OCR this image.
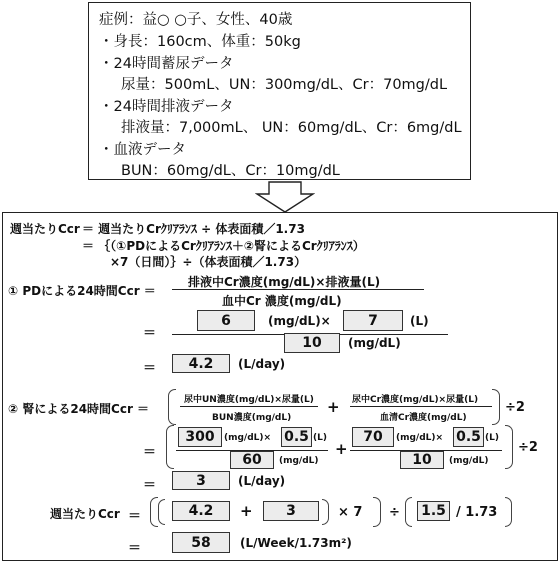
症例：益○ ○子、女性、40歳
・身長：160cm、体重：50kg
・24時間蓄尿データ
尿量：500mL、UN：300mg/dL、Cr：70mg/dL
・24時間排液データ
排液量：7,000mL、 UN：60mg/dL、Cr：6mg/dL
・血液データ
BUN：60mg/dL、Cr：10mg/dL
週当たりCcr ＝ 週当たりCrｸﾘｱﾗﾝｽ ÷ 体表面積／1.73
＝ ｛（①PDによるCrｸﾘｱﾗﾝｽ＋②腎によるCrｸﾘｱﾗﾝｽ）
×7（日間）｝÷（体表面積／1.73）
① PDによる24時間Ccr ＝
排液中Cr濃度(mg/dL)×排液量(L)
血中Cr 濃度(mg/dL)
＝
6	(mg/dL)×	7	(L)
10	(mg/dL)
＝	4.2	(L/day)
② 腎による24時間Ccr ＝
尿中UN濃度(mg/dL)×尿量(L)
BUN濃度(mg/dL)
+ 尿中Cr濃度(mg/dL)×尿量(L)
血清Cr濃度(mg/dL)
÷2
＝
300	(mg/dL)× 0.5 (L)
60	(mg/dL)
+
70	(mg/dL)× 0.5 (L)
10	(mg/dL)
÷2
＝	3	(L/day)
週当たりCcr ＝	4.2	+	3	× 7 ÷ 1.5 / 1.73
＝	58	(L/Week/1.73m²)
